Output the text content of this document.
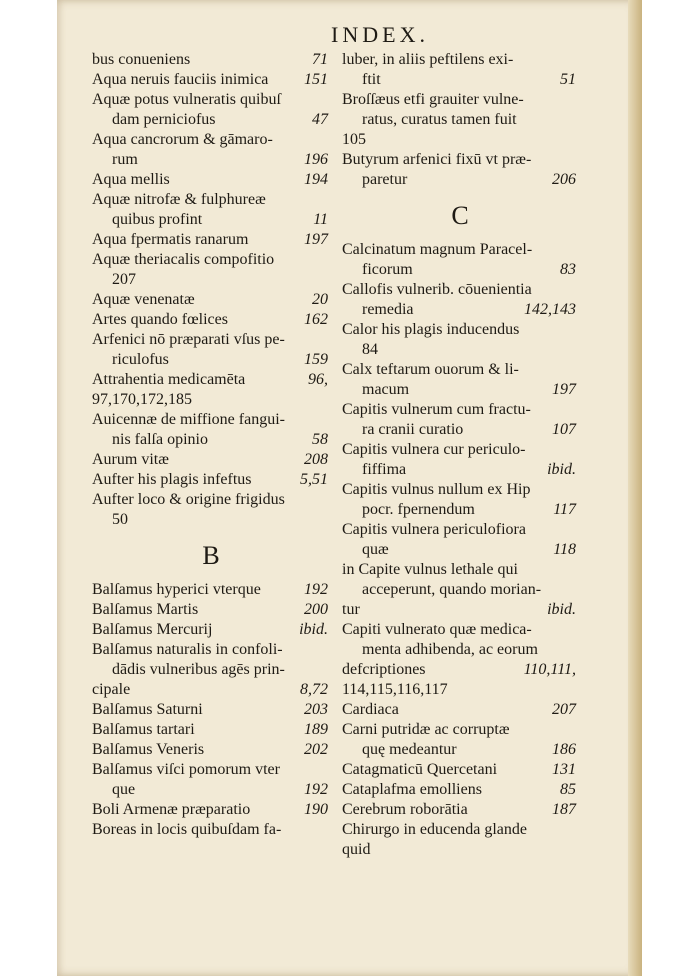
INDEX.
bus conueniens	71
Aqua neruis fauciis inimica	151
Aquæ potus vulneratis quibuſ
dam perniciofus	47
Aqua cancrorum & gāmaro-
rum	196
Aqua mellis	194
Aquæ nitrofæ & fulphureæ
quibus profint	11
Aqua fpermatis ranarum	197
Aquæ theriacalis compofitio
207
Aquæ venenatæ	20
Artes quando fœlices	162
Arfenici nō præparati vſus pe-
riculofus	159
Attrahentia medicamēta	96,
97,170,172,185
Auicennæ de miffione fangui-
nis falſa opinio	58
Aurum vitæ	208
Aufter his plagis infeftus	5,51
Aufter loco & origine frigidus
50
B
Balſamus hyperici vterque	192
Balſamus Martis	200
Balſamus Mercurij	ibid.
Balſamus naturalis in confoli-
dādis vulneribus agēs prin-
cipale	8,72
Balſamus Saturni	203
Balſamus tartari	189
Balſamus Veneris	202
Balſamus viſci pomorum vter
que	192
Boli Armenæ præparatio	190
Boreas in locis quibuſdam fa-
luber, in aliis peftilens exi-
ftit	51
Broſſæus etfi grauiter vulne-
ratus, curatus tamen fuit
105
Butyrum arfenici fixū vt præ-
paretur	206
C
Calcinatum magnum Paracel-
ficorum	83
Callofis vulnerib. cōuenientia
remedia	142,143
Calor his plagis inducendus
84
Calx teftarum ouorum & li-
macum	197
Capitis vulnerum cum fractu-
ra cranii curatio	107
Capitis vulnera cur periculo-
fiffima	ibid.
Capitis vulnus nullum ex Hip
pocr. fpernendum	117
Capitis vulnera periculofiora
quæ	118
in Capite vulnus lethale qui
acceperunt, quando morian-
tur	ibid.
Capiti vulnerato quæ medica-
menta adhibenda, ac eorum
defcriptiones	110,111,
114,115,116,117
Cardiaca	207
Carni putridæ ac corruptæ
quę medeantur	186
Catagmaticū Quercetani	131
Cataplafma emolliens	85
Cerebrum roborātia	187
Chirurgo in educenda glande
quid
